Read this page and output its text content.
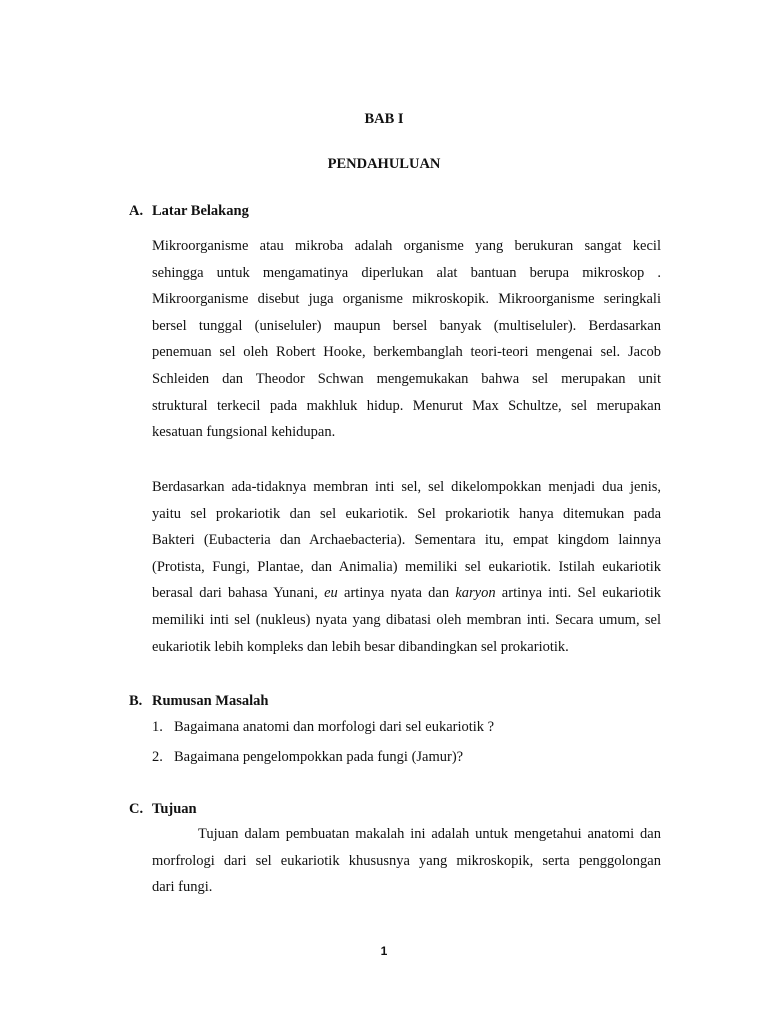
BAB I
PENDAHULUAN
A. Latar Belakang
Mikroorganisme atau mikroba adalah organisme yang berukuran sangat kecil
sehingga untuk mengamatinya diperlukan alat bantuan berupa mikroskop .
Mikroorganisme disebut juga organisme mikroskopik. Mikroorganisme seringkali
bersel tunggal (uniseluler) maupun bersel banyak (multiseluler). Berdasarkan
penemuan sel oleh Robert Hooke, berkembanglah teori-teori mengenai sel. Jacob
Schleiden dan Theodor Schwan mengemukakan bahwa sel merupakan unit
struktural terkecil pada makhluk hidup. Menurut Max Schultze, sel merupakan
kesatuan fungsional kehidupan.
Berdasarkan ada-tidaknya membran inti sel, sel dikelompokkan menjadi dua jenis,
yaitu sel prokariotik dan sel eukariotik. Sel prokariotik hanya ditemukan pada
Bakteri (Eubacteria dan Archaebacteria). Sementara itu, empat kingdom lainnya
(Protista, Fungi, Plantae, dan Animalia) memiliki sel eukariotik. Istilah eukariotik
berasal dari bahasa Yunani, eu artinya nyata dan karyon artinya inti. Sel eukariotik
memiliki inti sel (nukleus) nyata yang dibatasi oleh membran inti. Secara umum, sel
eukariotik lebih kompleks dan lebih besar dibandingkan sel prokariotik.
B. Rumusan Masalah
1. Bagaimana anatomi dan morfologi dari sel eukariotik ?
2. Bagaimana pengelompokkan pada fungi (Jamur)?
C. Tujuan
Tujuan dalam pembuatan makalah ini adalah untuk mengetahui anatomi dan
morfrologi dari sel eukariotik khususnya yang mikroskopik, serta penggolongan
dari fungi.
1
